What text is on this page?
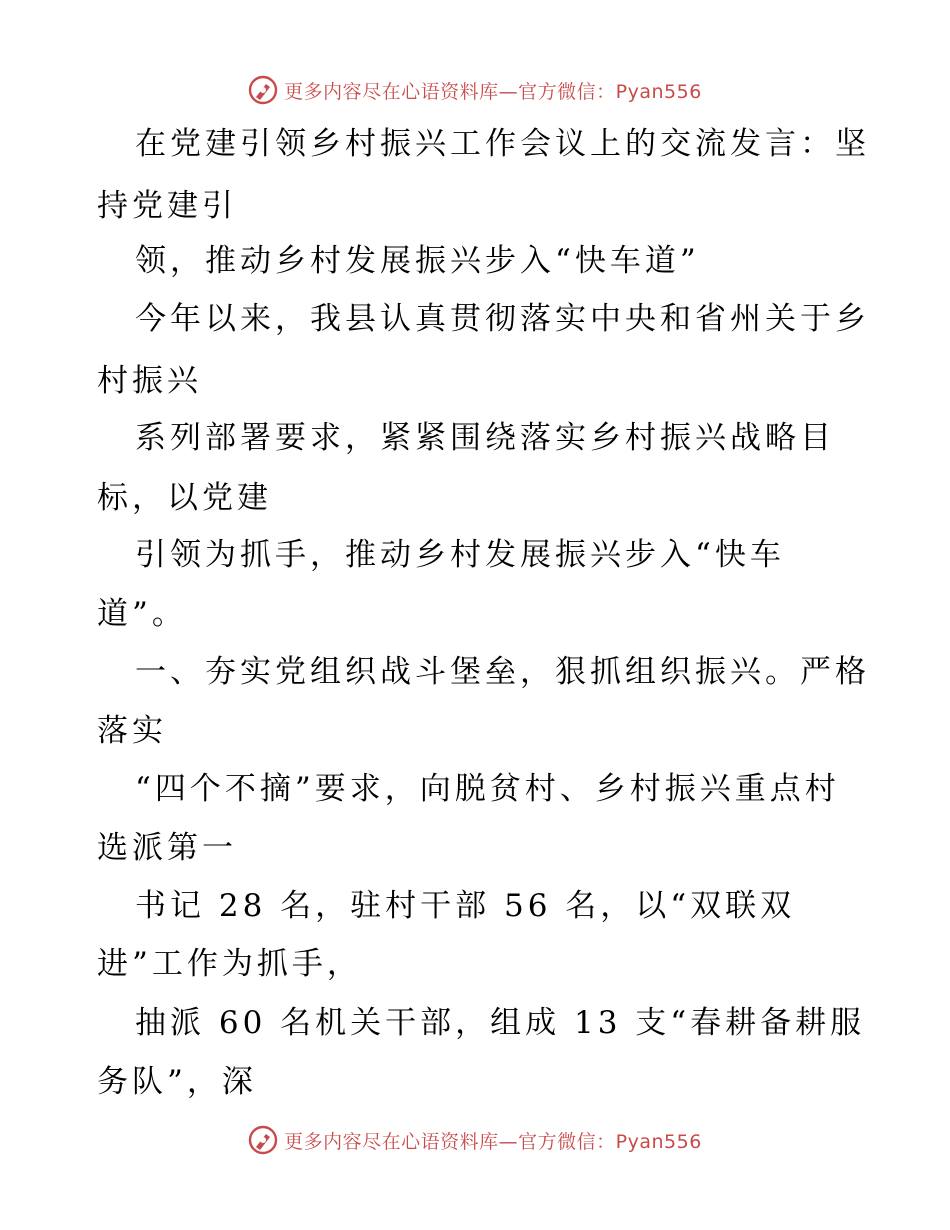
更多内容尽在心语资料库—官方微信：Pyan556
在党建引领乡村振兴工作会议上的交流发言：坚
持党建引
领，推动乡村发展振兴步入“快车道”
今年以来，我县认真贯彻落实中央和省州关于乡
村振兴
系列部署要求，紧紧围绕落实乡村振兴战略目
标，以党建
引领为抓手，推动乡村发展振兴步入“快车
道”。
一、夯实党组织战斗堡垒，狠抓组织振兴。严格
落实
“四个不摘”要求，向脱贫村、乡村振兴重点村
选派第一
书记 28 名，驻村干部 56 名，以“双联双
进”工作为抓手，
抽派 60 名机关干部，组成 13 支“春耕备耕服
务队”，深
更多内容尽在心语资料库—官方微信：Pyan556
